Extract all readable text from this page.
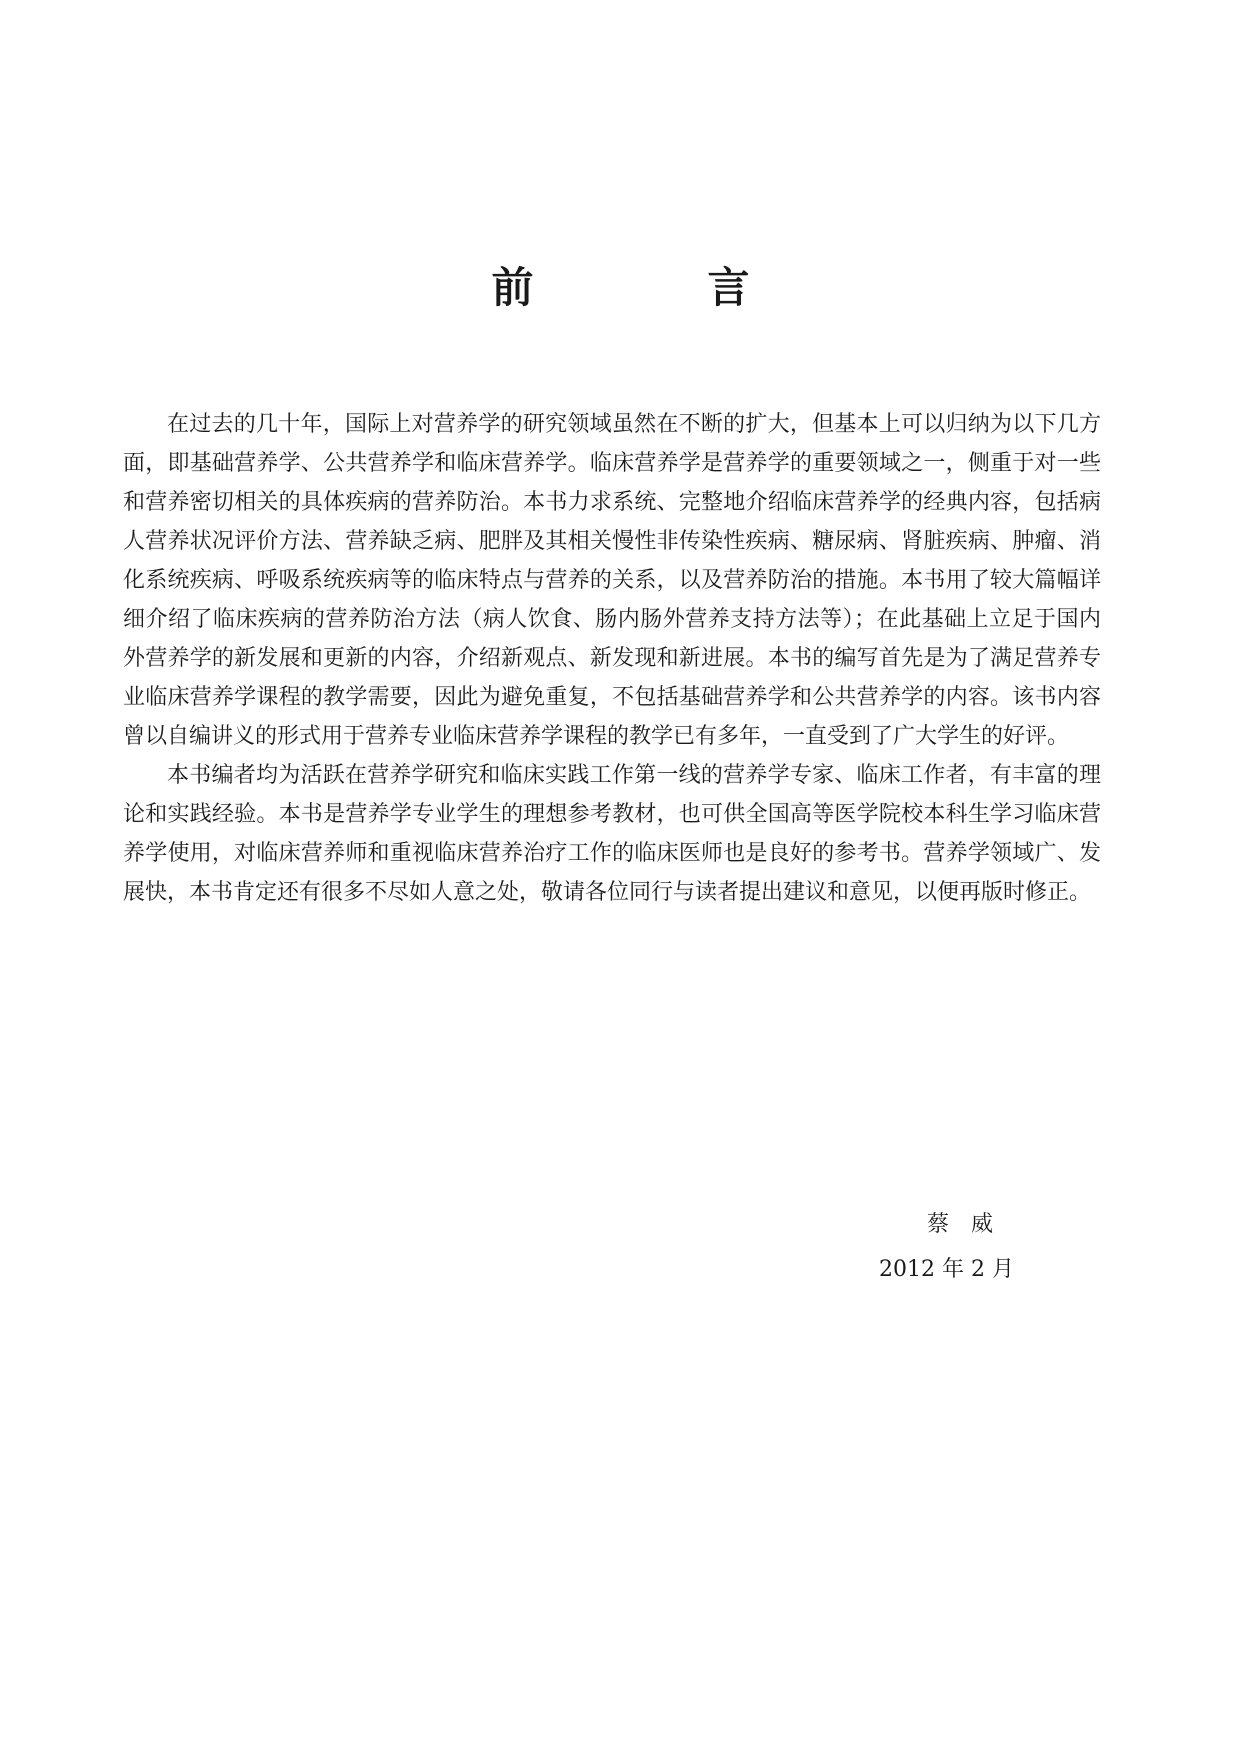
前　言

在过去的几十年，国际上对营养学的研究领域虽然在不断的扩大，但基本上可以归纳为以下几方面，即基础营养学、公共营养学和临床营养学。临床营养学是营养学的重要领域之一，侧重于对一些和营养密切相关的具体疾病的营养防治。本书力求系统、完整地介绍临床营养学的经典内容，包括病人营养状况评价方法、营养缺乏病、肥胖及其相关慢性非传染性疾病、糖尿病、肾脏疾病、肿瘤、消化系统疾病、呼吸系统疾病等的临床特点与营养的关系，以及营养防治的措施。本书用了较大篇幅详细介绍了临床疾病的营养防治方法（病人饮食、肠内肠外营养支持方法等）；在此基础上立足于国内外营养学的新发展和更新的内容，介绍新观点、新发现和新进展。本书的编写首先是为了满足营养专业临床营养学课程的教学需要，因此为避免重复，不包括基础营养学和公共营养学的内容。该书内容曾以自编讲义的形式用于营养专业临床营养学课程的教学已有多年，一直受到了广大学生的好评。

本书编者均为活跃在营养学研究和临床实践工作第一线的营养学专家、临床工作者，有丰富的理论和实践经验。本书是营养学专业学生的理想参考教材，也可供全国高等医学院校本科生学习临床营养学使用，对临床营养师和重视临床营养治疗工作的临床医师也是良好的参考书。营养学领域广、发展快，本书肯定还有很多不尽如人意之处，敬请各位同行与读者提出建议和意见，以便再版时修正。

蔡威
2012 年 2 月
